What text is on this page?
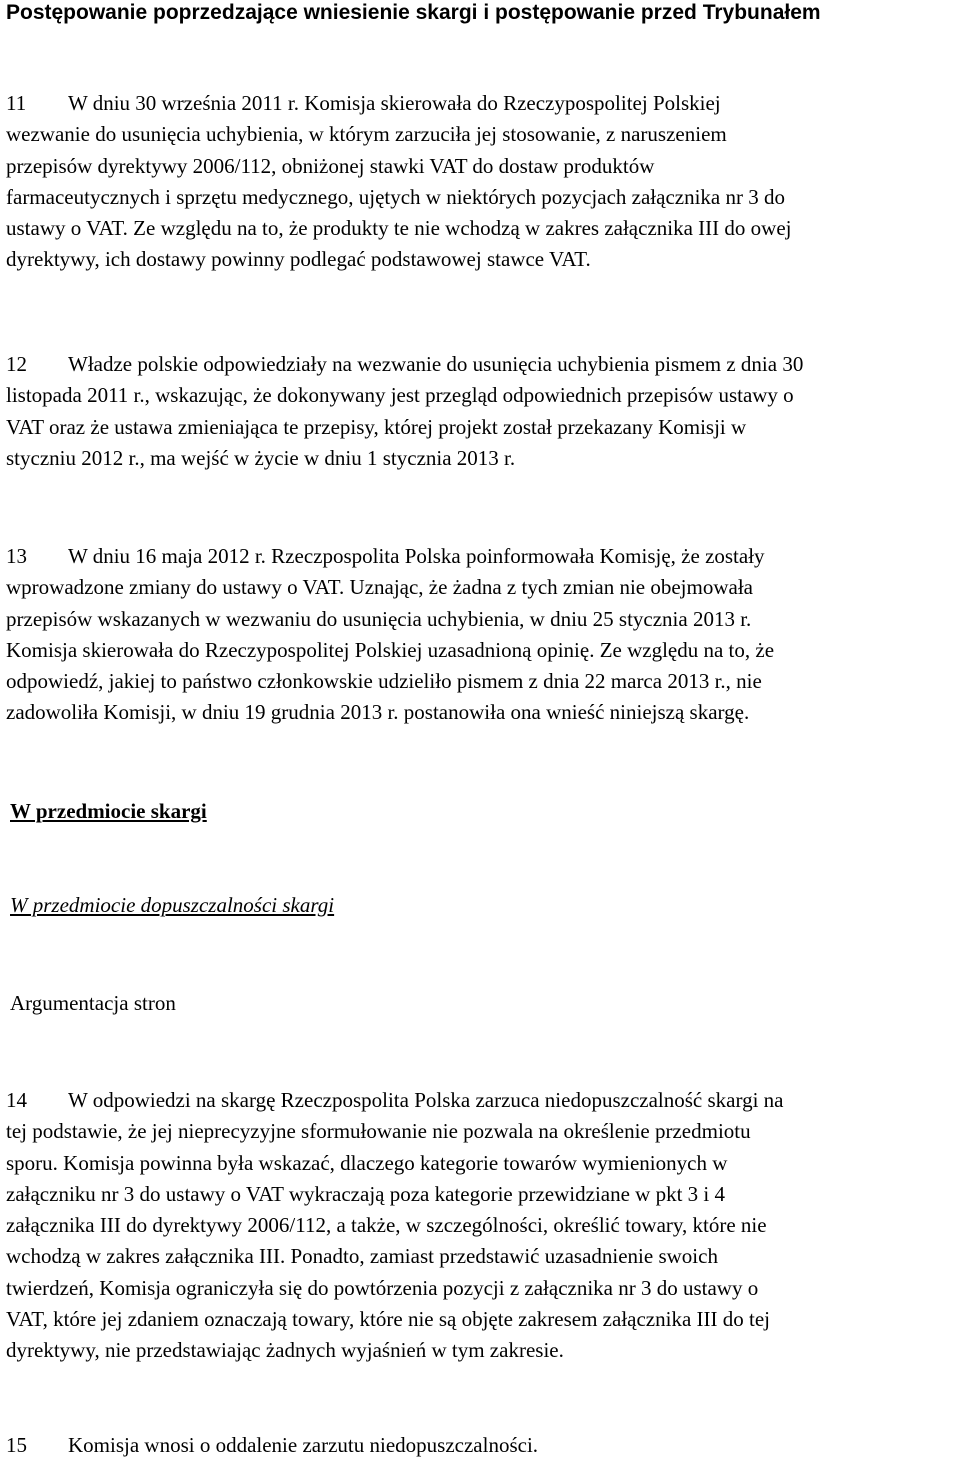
Postępowanie poprzedzające wniesienie skargi i postępowanie przed Trybunałem
11 W dniu 30 września 2011 r. Komisja skierowała do Rzeczypospolitej Polskiej
wezwanie do usunięcia uchybienia, w którym zarzuciła jej stosowanie, z naruszeniem
przepisów dyrektywy 2006/112, obniżonej stawki VAT do dostaw produktów
farmaceutycznych i sprzętu medycznego, ujętych w niektórych pozycjach załącznika nr 3 do
ustawy o VAT. Ze względu na to, że produkty te nie wchodzą w zakres załącznika III do owej
dyrektywy, ich dostawy powinny podlegać podstawowej stawce VAT.
12 Władze polskie odpowiedziały na wezwanie do usunięcia uchybienia pismem z dnia 30
listopada 2011 r., wskazując, że dokonywany jest przegląd odpowiednich przepisów ustawy o
VAT oraz że ustawa zmieniająca te przepisy, której projekt został przekazany Komisji w
styczniu 2012 r., ma wejść w życie w dniu 1 stycznia 2013 r.
13 W dniu 16 maja 2012 r. Rzeczpospolita Polska poinformowała Komisję, że zostały
wprowadzone zmiany do ustawy o VAT. Uznając, że żadna z tych zmian nie obejmowała
przepisów wskazanych w wezwaniu do usunięcia uchybienia, w dniu 25 stycznia 2013 r.
Komisja skierowała do Rzeczypospolitej Polskiej uzasadnioną opinię. Ze względu na to, że
odpowiedź, jakiej to państwo członkowskie udzieliło pismem z dnia 22 marca 2013 r., nie
zadowoliła Komisji, w dniu 19 grudnia 2013 r. postanowiła ona wnieść niniejszą skargę.
W przedmiocie skargi
W przedmiocie dopuszczalności skargi
Argumentacja stron
14 W odpowiedzi na skargę Rzeczpospolita Polska zarzuca niedopuszczalność skargi na
tej podstawie, że jej nieprecyzyjne sformułowanie nie pozwala na określenie przedmiotu
sporu. Komisja powinna była wskazać, dlaczego kategorie towarów wymienionych w
załączniku nr 3 do ustawy o VAT wykraczają poza kategorie przewidziane w pkt 3 i 4
załącznika III do dyrektywy 2006/112, a także, w szczególności, określić towary, które nie
wchodzą w zakres załącznika III. Ponadto, zamiast przedstawić uzasadnienie swoich
twierdzeń, Komisja ograniczyła się do powtórzenia pozycji z załącznika nr 3 do ustawy o
VAT, które jej zdaniem oznaczają towary, które nie są objęte zakresem załącznika III do tej
dyrektywy, nie przedstawiając żadnych wyjaśnień w tym zakresie.
15 Komisja wnosi o oddalenie zarzutu niedopuszczalności.
